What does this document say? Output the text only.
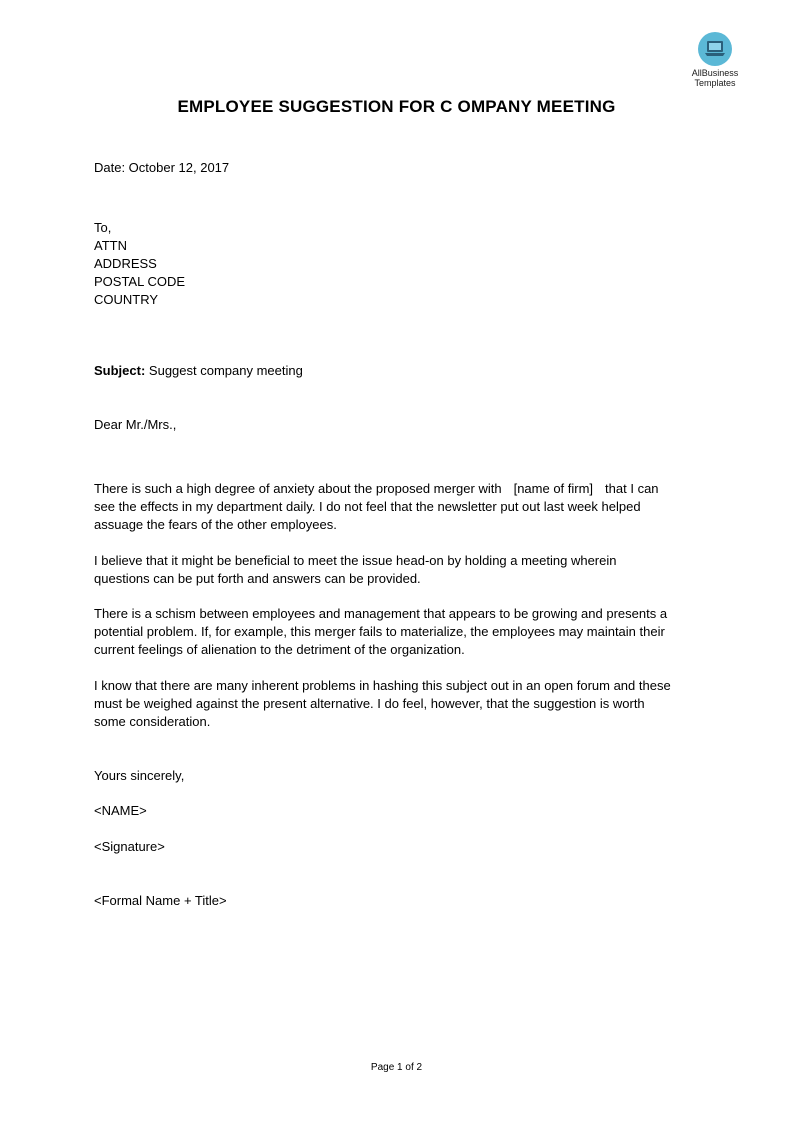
AllBusiness
Templates
EMPLOYEE SUGGESTION FOR C OMPANY MEETING
Date: October 12, 2017
To,
ATTN
ADDRESS
POSTAL CODE
COUNTRY
Subject: Suggest company meeting
Dear Mr./Mrs.,
There is such a high degree of anxiety about the proposed merger with [name of firm] that I can
see the effects in my department daily. I do not feel that the newsletter put out last week helped
assuage the fears of the other employees.
I believe that it might be beneficial to meet the issue head-on by holding a meeting wherein
questions can be put forth and answers can be provided.
There is a schism between employees and management that appears to be growing and presents a
potential problem. If, for example, this merger fails to materialize, the employees may maintain their
current feelings of alienation to the detriment of the organization.
I know that there are many inherent problems in hashing this subject out in an open forum and these
must be weighed against the present alternative. I do feel, however, that the suggestion is worth
some consideration.
Yours sincerely,
<NAME>
<Signature>
<Formal Name + Title>
Page 1 of 2
